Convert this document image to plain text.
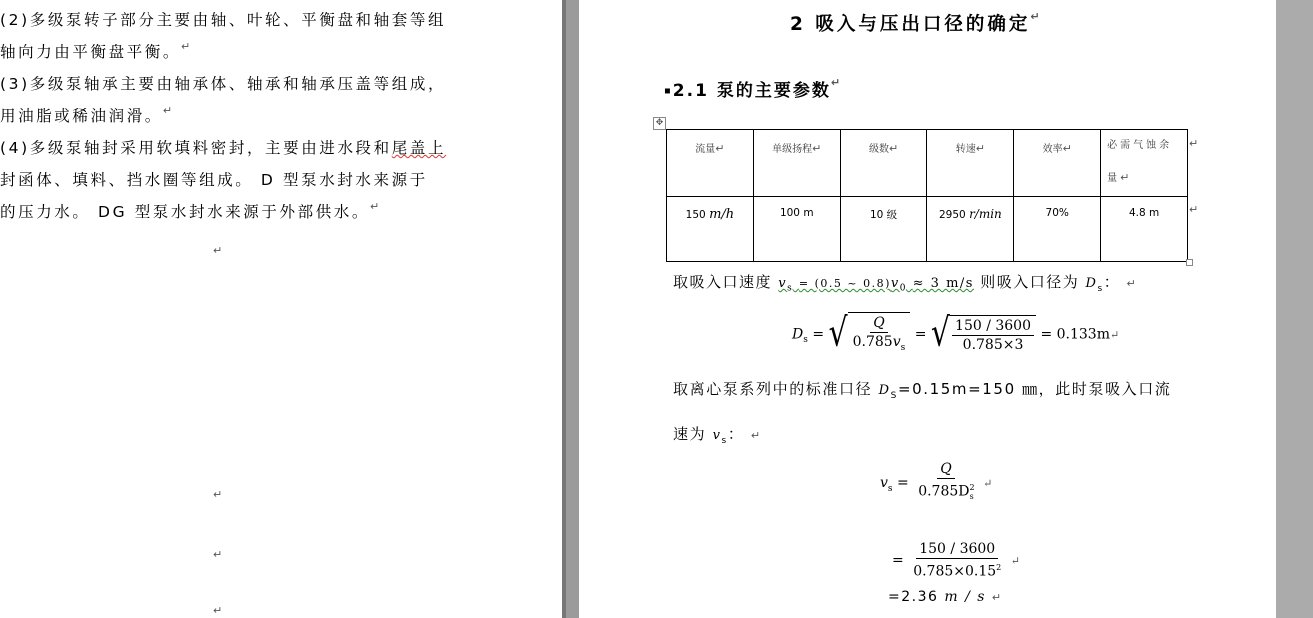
(2)多级泵转子部分主要由轴、叶轮、平衡盘和轴套等组
轴向力由平衡盘平衡。 ↵
(3)多级泵轴承主要由轴承体、轴承和轴承压盖等组成，
用油脂或稀油润滑。 ↵
(4)多级泵轴封采用软填料密封，主要由进水段和尾盖上
封函体、填料、挡水圈等组成。 D 型泵水封水来源于
的压力水。 DG 型泵水封水来源于外部供水。 ↵
↵
↵
↵
↵
2 吸入与压出口径的确定 ↵
▪2.1 泵的主要参数 ↵
✥
流量↵	单级扬程↵	级数↵	转速↵	效率↵	必需气蚀余
量↵
150 m/h	100 m	10 级	2950 r/min	70%	4.8 m
↵
↵
取吸入口速度 $v_s = (0.5$ ~ $0.8)v_0 \approx 3$ m/s 则吸入口径为 $D_s$： ↵
$D_s$ = √ $\frac{Q}{0.785v_s}$ = √ $\frac{150 / 3600}{0.785\times 3}$ = 0.133m↵
取离心泵系列中的标准口径 $D_S=0.15m=150$ ㎜，此时泵吸入口流
速为 $v_s$： ↵
$v_s = \frac{Q}{0.785D^2_s}$ ↵
= $\frac{150 / 3600}{0.785\times 0.15^2}$ ↵
=2.36 m / s ↵
